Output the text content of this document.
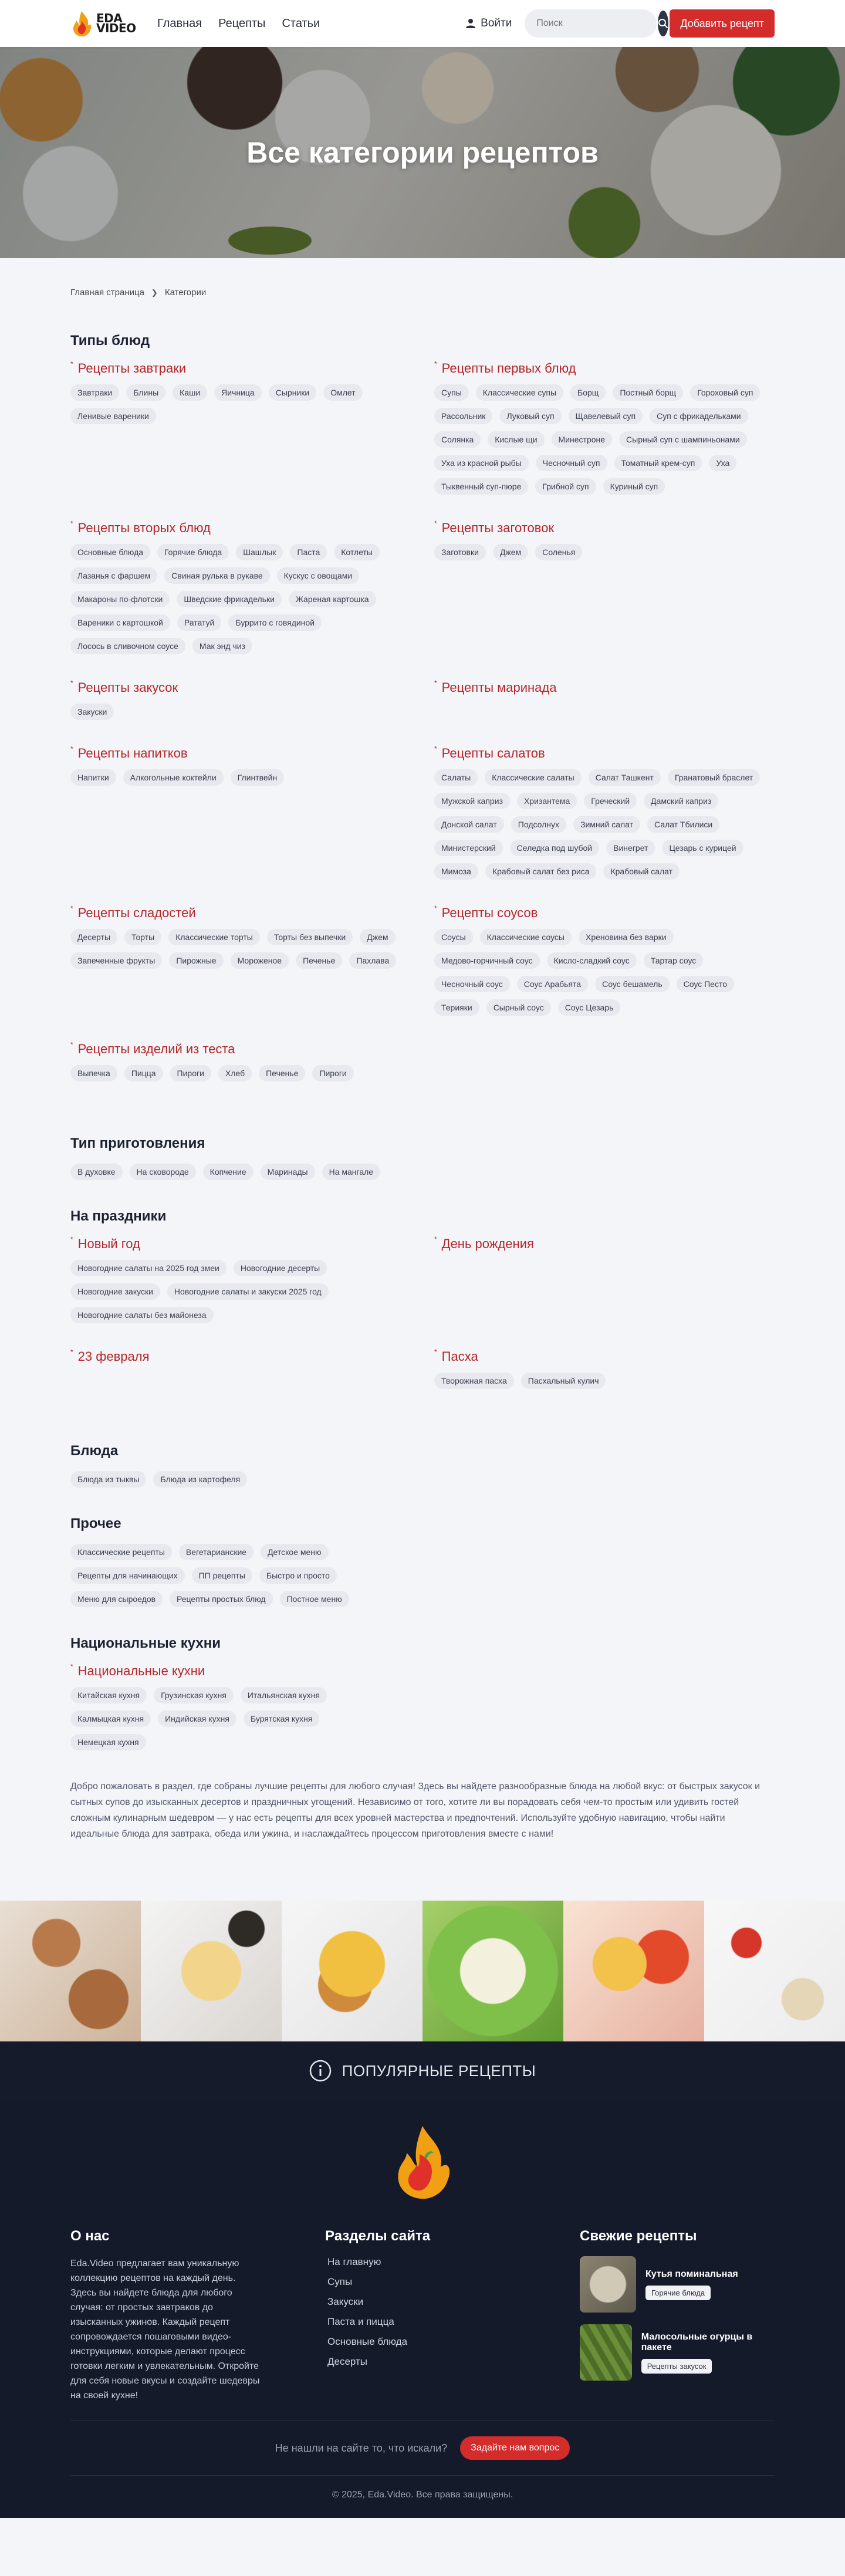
EDA
VIDEO Главная Рецепты Статьи	Войти
Поиск	Добавить рецепт
Все категории рецептов
Главная страница ❯ Категории
Типы блюд
* Рецепты завтраки
Завтраки	Блины	Каши	Яичница	Сырники	Омлет
Ленивые вареники
* Рецепты первых блюд
Супы	Классические супы	Борщ	Постный борщ	Гороховый суп
Рассольник	Луковый суп	Щавелевый суп	Суп с фрикадельками
Солянка	Кислые щи	Минестроне	Сырный суп с шампиньонами
Уха из красной рыбы	Чесночный суп	Томатный крем-суп	Уха
Тыквенный суп-пюре	Грибной суп	Куриный суп
* Рецепты вторых блюд
Основные блюда	Горячие блюда	Шашлык	Паста	Котлеты
Лазанья с фаршем	Свиная рулька в рукаве	Кускус с овощами
Макароны по-флотски	Шведские фрикадельки	Жареная картошка
Вареники с картошкой	Рататуй	Буррито с говядиной
Лосось в сливочном соусе	Мак энд чиз
* Рецепты заготовок
Заготовки	Джем	Соленья
* Рецепты закусок
Закуски
* Рецепты маринада
* Рецепты напитков
Напитки	Алкогольные коктейли	Глинтвейн
* Рецепты салатов
Салаты	Классические салаты	Салат Ташкент	Гранатовый браслет
Мужской каприз	Хризантема	Греческий	Дамский каприз
Донской салат	Подсолнух	Зимний салат	Салат Тбилиси
Министерский	Селедка под шубой	Винегрет	Цезарь с курицей
Мимоза	Крабовый салат без риса	Крабовый салат
* Рецепты сладостей
Десерты	Торты	Классические торты	Торты без выпечки	Джем
Запеченные фрукты	Пирожные	Мороженое	Печенье	Пахлава
* Рецепты соусов
Соусы	Классические соусы	Хреновина без варки
Медово-горчичный соус	Кисло-сладкий соус	Тартар соус
Чесночный соус	Соус Арабьята	Соус бешамель	Соус Песто
Терияки	Сырный соус	Соус Цезарь
* Рецепты изделий из теста
Выпечка	Пицца	Пироги	Хлеб	Печенье	Пироги
Тип приготовления
В духовке	На сковороде	Копчение	Маринады	На мангале
На праздники
* Новый год
Новогодние салаты на 2025 год змеи	Новогодние десерты
Новогодние закуски	Новогодние салаты и закуски 2025 год
Новогодние салаты без майонеза
* День рождения
* 23 февраля	* Пасха
Творожная пасха	Пасхальный кулич
Блюда
Блюда из тыквы	Блюда из картофеля
Прочее
Классические рецепты	Вегетарианские	Детское меню
Рецепты для начинающих	ПП рецепты	Быстро и просто
Меню для сыроедов	Рецепты простых блюд	Постное меню
Национальные кухни
* Национальные кухни
Китайская кухня	Грузинская кухня	Итальянская кухня
Калмыцкая кухня	Индийская кухня	Бурятская кухня
Немецкая кухня

Добро пожаловать в раздел, где собраны лучшие рецепты для любого случая! Здесь вы найдете разнообразные блюда на любой вкус: от быстрых закусок и сытных супов до изысканных десертов и праздничных угощений. Независимо от того, хотите ли вы порадовать себя чем-то простым или удивить гостей сложным кулинарным шедевром — у нас есть рецепты для всех уровней мастерства и предпочтений. Используйте удобную навигацию, чтобы найти идеальные блюда для завтрака, обеда или ужина, и наслаждайтесь процессом приготовления вместе с нами!

ПОПУЛЯРНЫЕ РЕЦЕПТЫ
О нас

Eda.Video предлагает вам уникальную коллекцию рецептов на каждый день. Здесь вы найдете блюда для любого случая: от простых завтраков до изысканных ужинов. Каждый рецепт сопровождается пошаговыми видео-инструкциями, которые делают процесс готовки легким и увлекательным. Откройте для себя новые вкусы и создайте шедевры на своей кухне!

Разделы сайта
На главную
Супы
Закуски
Паста и пицца
Основные блюда
Десерты
Свежие рецепты
Кутья поминальная
Горячие блюда
Малосольные огурцы в пакете
Рецепты закусок
Не нашли на сайте то, что искали?	Задайте нам вопрос
© 2025, Eda.Video. Все права защищены.
